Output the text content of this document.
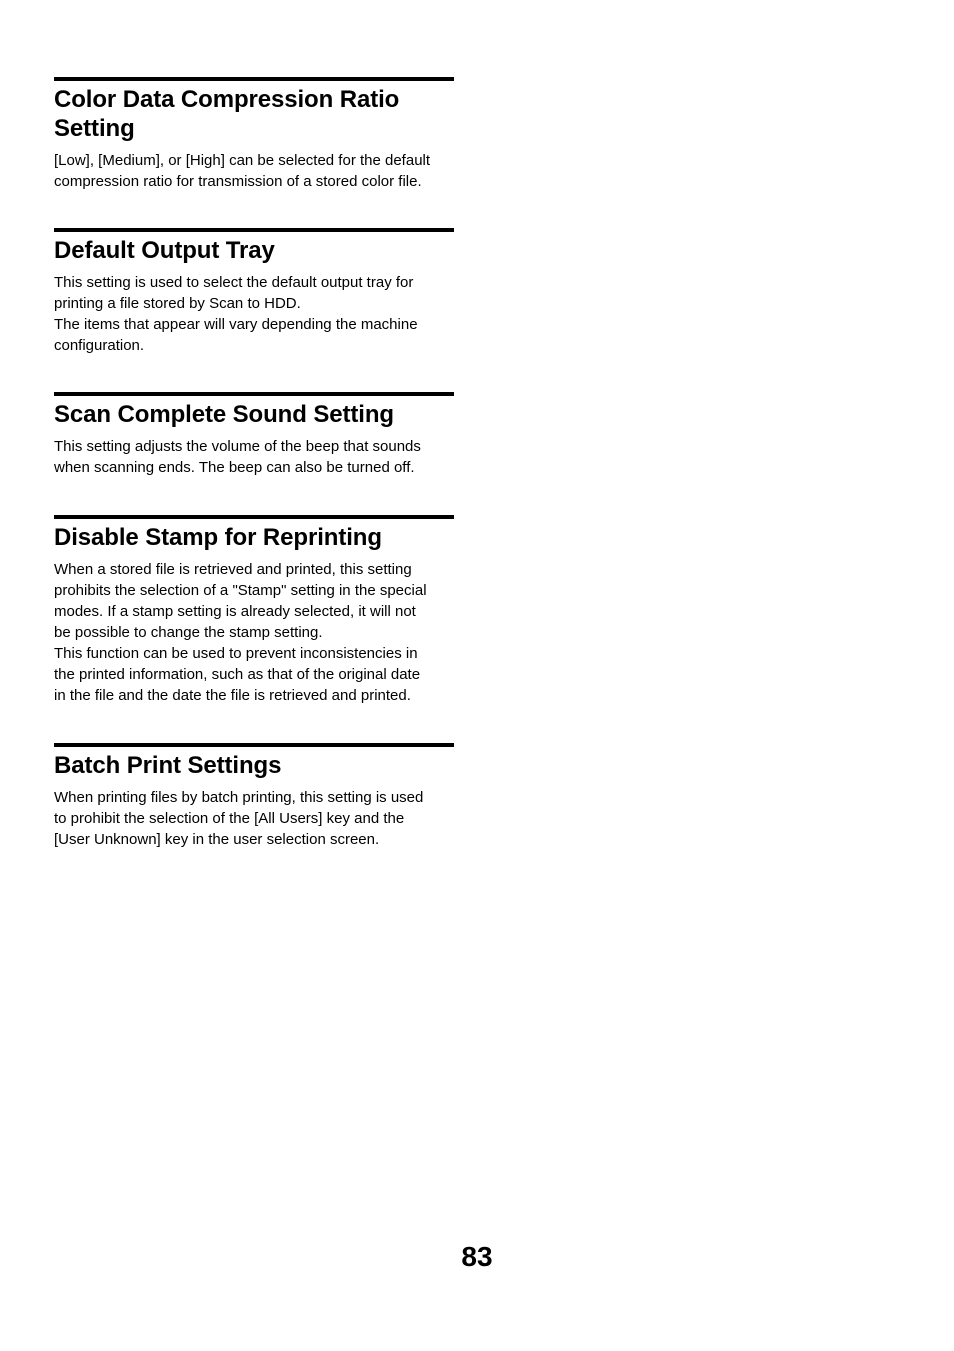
Color Data Compression Ratio
Setting

[Low], [Medium], or [High] can be selected for the default
compression ratio for transmission of a stored color file.

Default Output Tray

This setting is used to select the default output tray for
printing a file stored by Scan to HDD.
The items that appear will vary depending the machine
configuration.

Scan Complete Sound Setting

This setting adjusts the volume of the beep that sounds
when scanning ends. The beep can also be turned off.

Disable Stamp for Reprinting

When a stored file is retrieved and printed, this setting
prohibits the selection of a "Stamp" setting in the special
modes. If a stamp setting is already selected, it will not
be possible to change the stamp setting.
This function can be used to prevent inconsistencies in
the printed information, such as that of the original date
in the file and the date the file is retrieved and printed.

Batch Print Settings

When printing files by batch printing, this setting is used
to prohibit the selection of the [All Users] key and the
[User Unknown] key in the user selection screen.

83
